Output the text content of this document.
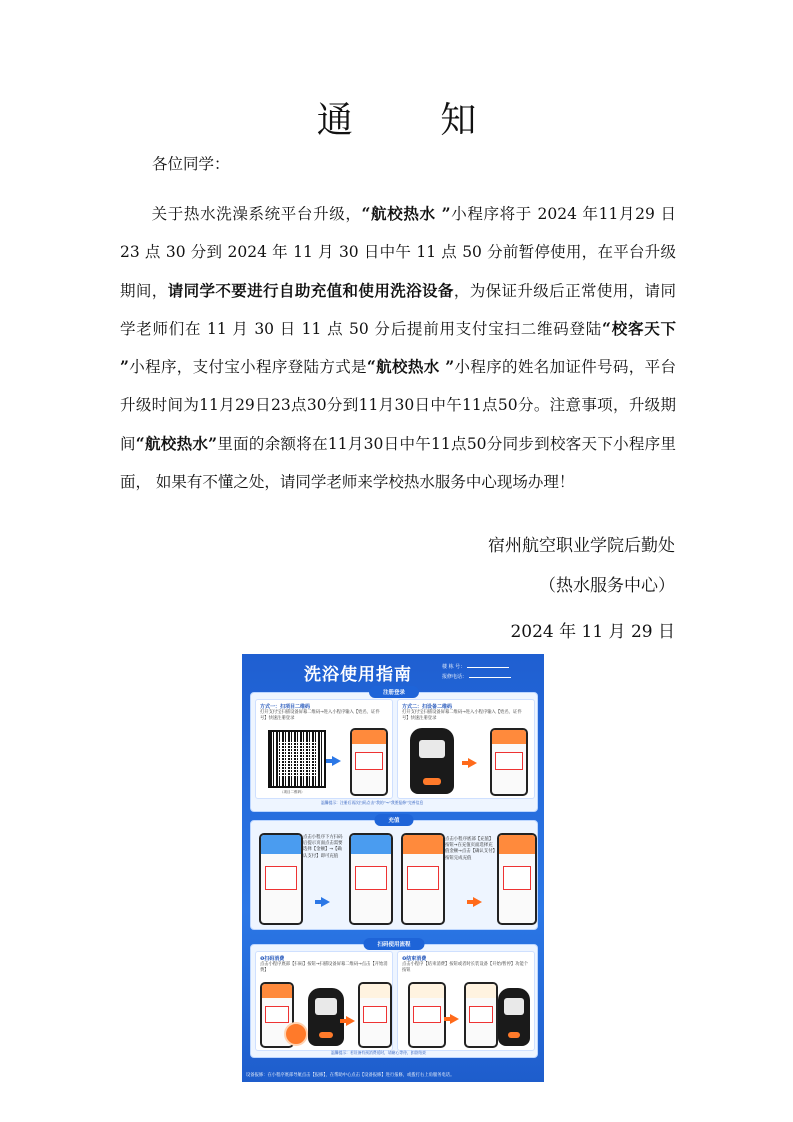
通 知
各位同学：
关于热水洗澡系统平台升级，“航校热水 ”小程序将于 2024 年11月29 日 23 点 30 分到 2024 年 11 月 30 日中午 11 点 50 分前暂停使用，在平台升级期间，请同学不要进行自助充值和使用洗浴设备，为保证升级后正常使用，请同学老师们在 11 月 30 日 11 点 50 分后提前用支付宝扫二维码登陆“校客天下 ”小程序，支付宝小程序登陆方式是“航校热水 ”小程序的姓名加证件号码，平台升级时间为11月29日23点30分到11月30日中午11点50分。注意事项，升级期间“航校热水”里面的余额将在11月30日中午11点50分同步到校客天下小程序里面， 如果有不懂之处，请同学老师来学校热水服务中心现场办理！
宿州航空职业学院后勤处
（热水服务中心）
2024 年 11 月 29 日
洗浴使用指南	楼 栋 号：
报修电话：
注册登录
方式一：扫项目二维码
打开支付宝扫描设备屏幕二维码→进入小程序输入【姓名、证件号】快速注册登录
（项目二维码）
方式二：扫设备二维码
打开支付宝扫描设备屏幕二维码→进入小程序输入【姓名、证件号】快速注册登录
温馨提示：注册后再次扫码点击“我的”→“我要报修”完善信息
充值
点击小程序下方扫码后提示页面点击需要选择【金额】→【确认支付】即可充值
点击小程序底部【充值】按钮→在充值页面选择充值金额→点击【确认支付】按钮完成充值
扫码使用流程
❶扫码消费
点击小程序底部【扫码】按钮→扫描设备屏幕二维码→点击【开始消费】
❷结束消费
点击小程序【结束消费】按钮或者时长装设备【开始/暂停】功能个按钮
温馨提示：若设备有预消费延时，请耐心等待，扣款结束
设备报修：在小程序底部导航点击【报修】，在帮助中心点击【设备报修】进行报修，或拨打右上角服务电话。
